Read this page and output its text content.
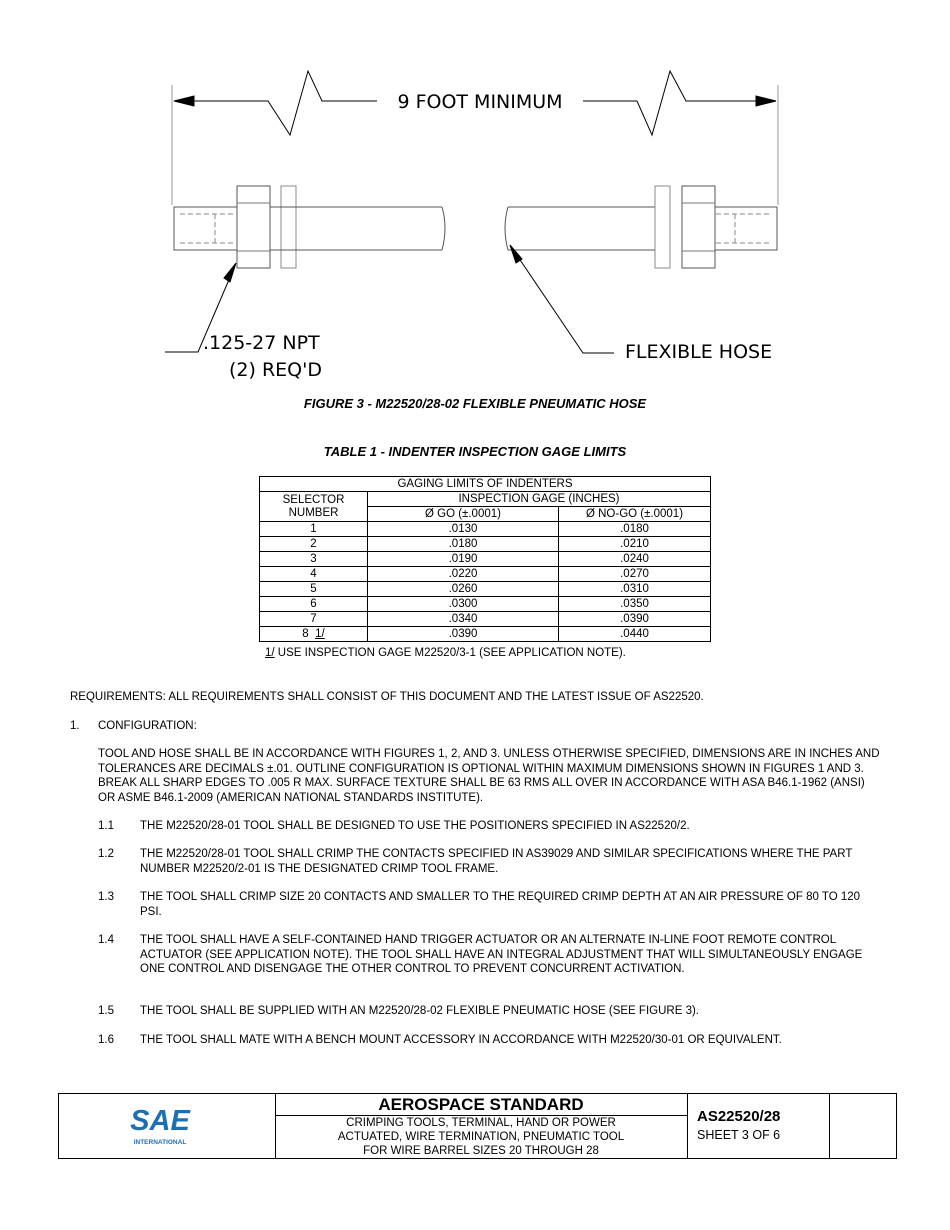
9 FOOT MINIMUM
.125-27 NPT
(2) REQ'D
FLEXIBLE HOSE
FIGURE 3 - M22520/28-02 FLEXIBLE PNEUMATIC HOSE
TABLE 1 - INDENTER INSPECTION GAGE LIMITS
GAGING LIMITS OF INDENTERS		
SELECTOR
NUMBER	INSPECTION GAGE (INCHES)	
	Ø GO (±.0001)	Ø NO-GO (±.0001)
1	.0130	.0180
2	.0180	.0210
3	.0190	.0240
4	.0220	.0270
5	.0260	.0310
6	.0300	.0350
7	.0340	.0390
8 1/	.0390	.0440
1/ USE INSPECTION GAGE M22520/3-1 (SEE APPLICATION NOTE).
REQUIREMENTS: ALL REQUIREMENTS SHALL CONSIST OF THIS DOCUMENT AND THE LATEST ISSUE OF AS22520.
1. CONFIGURATION:
TOOL AND HOSE SHALL BE IN ACCORDANCE WITH FIGURES 1, 2, AND 3. UNLESS OTHERWISE SPECIFIED, DIMENSIONS ARE IN INCHES AND TOLERANCES ARE DECIMALS ±.01. OUTLINE CONFIGURATION IS OPTIONAL WITHIN MAXIMUM DIMENSIONS SHOWN IN FIGURES 1 AND 3. BREAK ALL SHARP EDGES TO .005 R MAX. SURFACE TEXTURE SHALL BE 63 RMS ALL OVER IN ACCORDANCE WITH ASA B46.1-1962 (ANSI) OR ASME B46.1-2009 (AMERICAN NATIONAL STANDARDS INSTITUTE).
1.1	THE M22520/28-01 TOOL SHALL BE DESIGNED TO USE THE POSITIONERS SPECIFIED IN AS22520/2.
1.2	THE M22520/28-01 TOOL SHALL CRIMP THE CONTACTS SPECIFIED IN AS39029 AND SIMILAR SPECIFICATIONS WHERE THE PART NUMBER M22520/2-01 IS THE DESIGNATED CRIMP TOOL FRAME.
1.3	THE TOOL SHALL CRIMP SIZE 20 CONTACTS AND SMALLER TO THE REQUIRED CRIMP DEPTH AT AN AIR PRESSURE OF 80 TO 120 PSI.
1.4	THE TOOL SHALL HAVE A SELF-CONTAINED HAND TRIGGER ACTUATOR OR AN ALTERNATE IN-LINE FOOT REMOTE CONTROL ACTUATOR (SEE APPLICATION NOTE). THE TOOL SHALL HAVE AN INTEGRAL ADJUSTMENT THAT WILL SIMULTANEOUSLY ENGAGE ONE CONTROL AND DISENGAGE THE OTHER CONTROL TO PREVENT CONCURRENT ACTIVATION.
1.5	THE TOOL SHALL BE SUPPLIED WITH AN M22520/28-02 FLEXIBLE PNEUMATIC HOSE (SEE FIGURE 3).
1.6	THE TOOL SHALL MATE WITH A BENCH MOUNT ACCESSORY IN ACCORDANCE WITH M22520/30-01 OR EQUIVALENT.
SAE
INTERNATIONAL
AEROSPACE STANDARD
CRIMPING TOOLS, TERMINAL, HAND OR POWER
ACTUATED, WIRE TERMINATION, PNEUMATIC TOOL
FOR WIRE BARREL SIZES 20 THROUGH 28
AS22520/28
SHEET 3 OF 6
